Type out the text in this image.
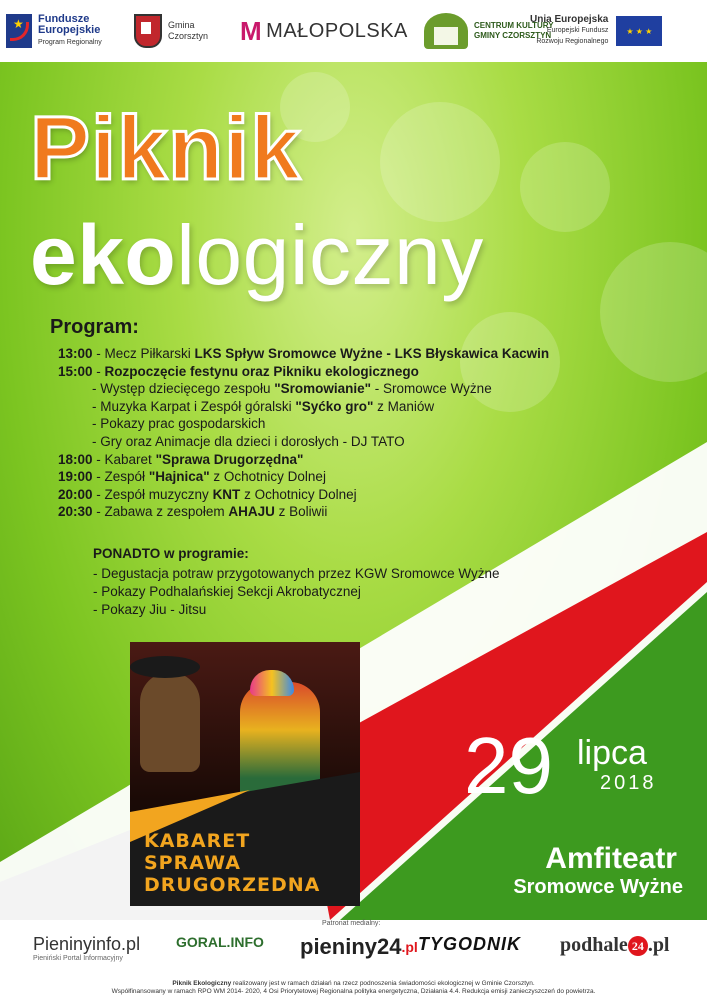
★
Fundusze
Europejskie
Program Regionalny
Gmina
Czorsztyn M MAŁOPOLSKA	CENTRUM KULTURY
GMINY CZORSZTYN
Unia Europejska
Europejski Fundusz
Rozwoju Regionalnego
★ ★ ★

Piknik
ekologiczny
Program:
13:00 - Mecz Piłkarski LKS Spływ Sromowce Wyżne - LKS Błyskawica Kacwin
15:00 - Rozpoczęcie festynu oraz Pikniku ekologicznego
- Występ dziecięcego zespołu "Sromowianie" - Sromowce Wyżne
- Muzyka Karpat i Zespół góralski "Syćko gro" z Maniów
- Pokazy prac gospodarskich
- Gry oraz Animacje dla dzieci i dorosłych - DJ TATO
18:00 - Kabaret "Sprawa Drugorzędna"
19:00 - Zespół "Hajnica" z Ochotnicy Dolnej
20:00 - Zespół muzyczny KNT z Ochotnicy Dolnej
20:30 - Zabawa z zespołem AHAJU z Boliwii
PONADTO w programie:
- Degustacja potraw przygotowanych przez KGW Sromowce Wyżne
- Pokazy Podhalańskiej Sekcji Akrobatycznej
- Pokazy Jiu - Jitsu
KABARET
SPRAWA
DRUGORZEDNA
29 lipca
2018
Amfiteatr
Sromowce Wyżne
Patronat medialny:
Pieninyinfo.pl
Pieniński Portal Informacyjny
GORAL.INFO pieniny24 .pl TYGODNIK podhale 24 .pl
Piknik Ekologiczny realizowany jest w ramach działań na rzecz podnoszenia świadomości ekologicznej w Gminie Czorsztyn.
Współfinansowany w ramach RPO WM 2014- 2020, 4 Osi Priorytetowej Regionalna polityka energetyczna, Działania 4.4. Redukcja emisji zanieczyszczeń do powietrza.
